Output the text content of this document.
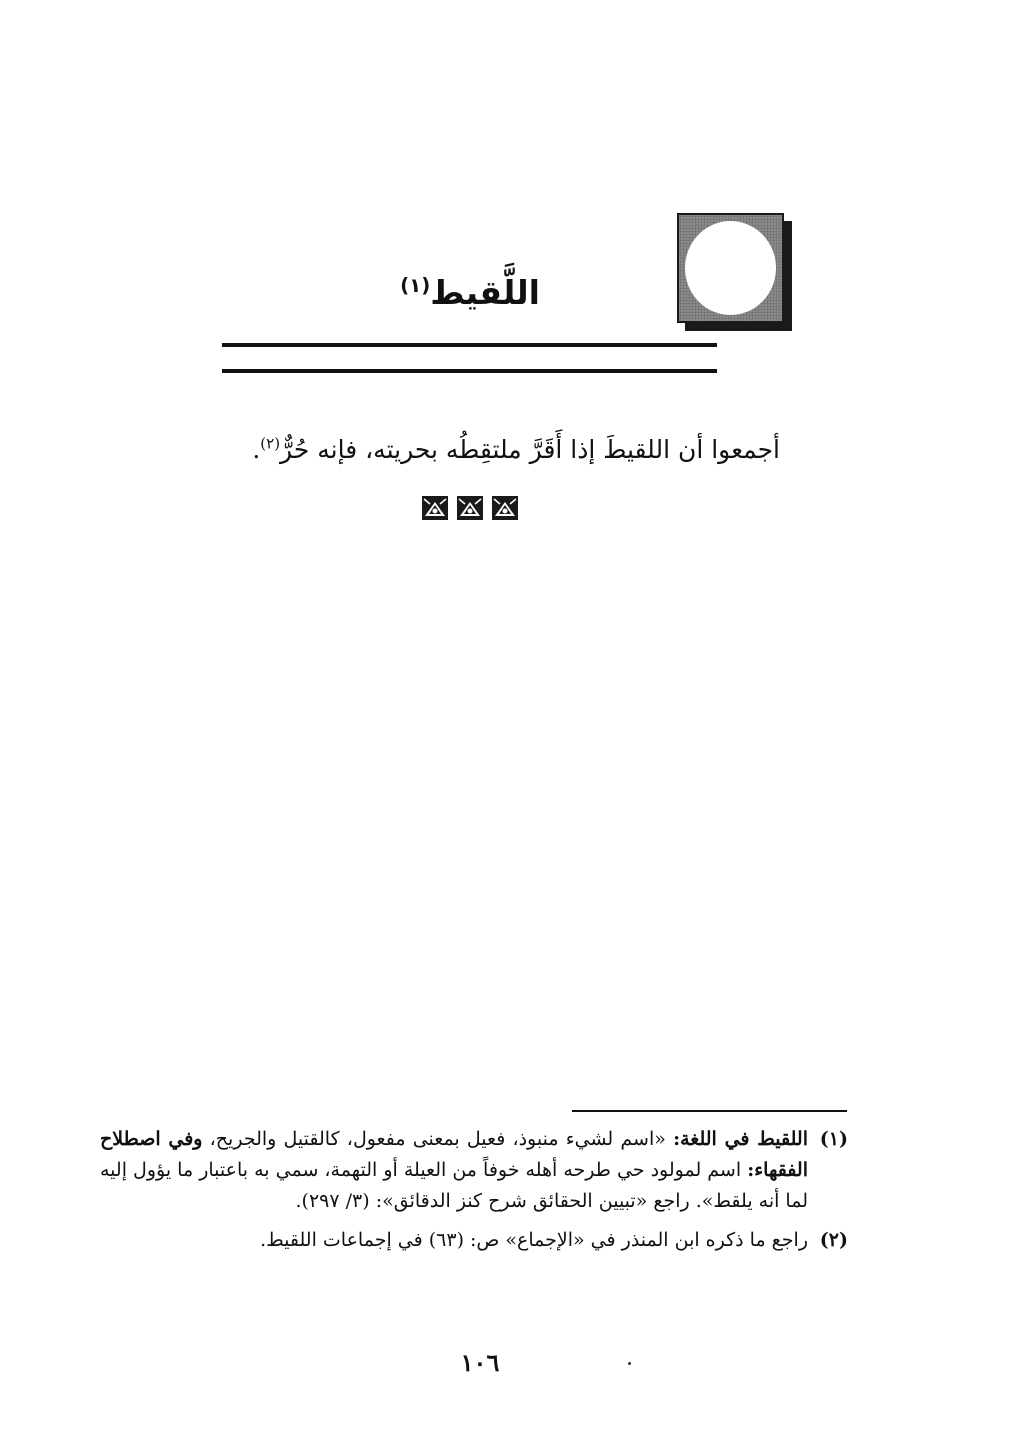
اللَّقيط$^{(١)}$
أجمعوا أن اللقيطَ إذا أَقَرَّ ملتقِطُه بحريته، فإنه حُرٌّ$^{(٢)}$.
(١)
اللقيط في اللغة: «اسم لشيء منبوذ، فعيل بمعنى مفعول، كالقتيل والجريح، وفي اصطلاح الفقهاء: اسم لمولود حي طرحه أهله خوفاً من العيلة أو التهمة، سمي به باعتبار ما يؤول إليه لما أنه يلقط». راجع «تبيين الحقائق شرح كنز الدقائق»: (٣/ ٢٩٧).
(٢)
راجع ما ذكره ابن المنذر في «الإجماع» ص: (٦٣) في إجماعات اللقيط.
١٠٦
